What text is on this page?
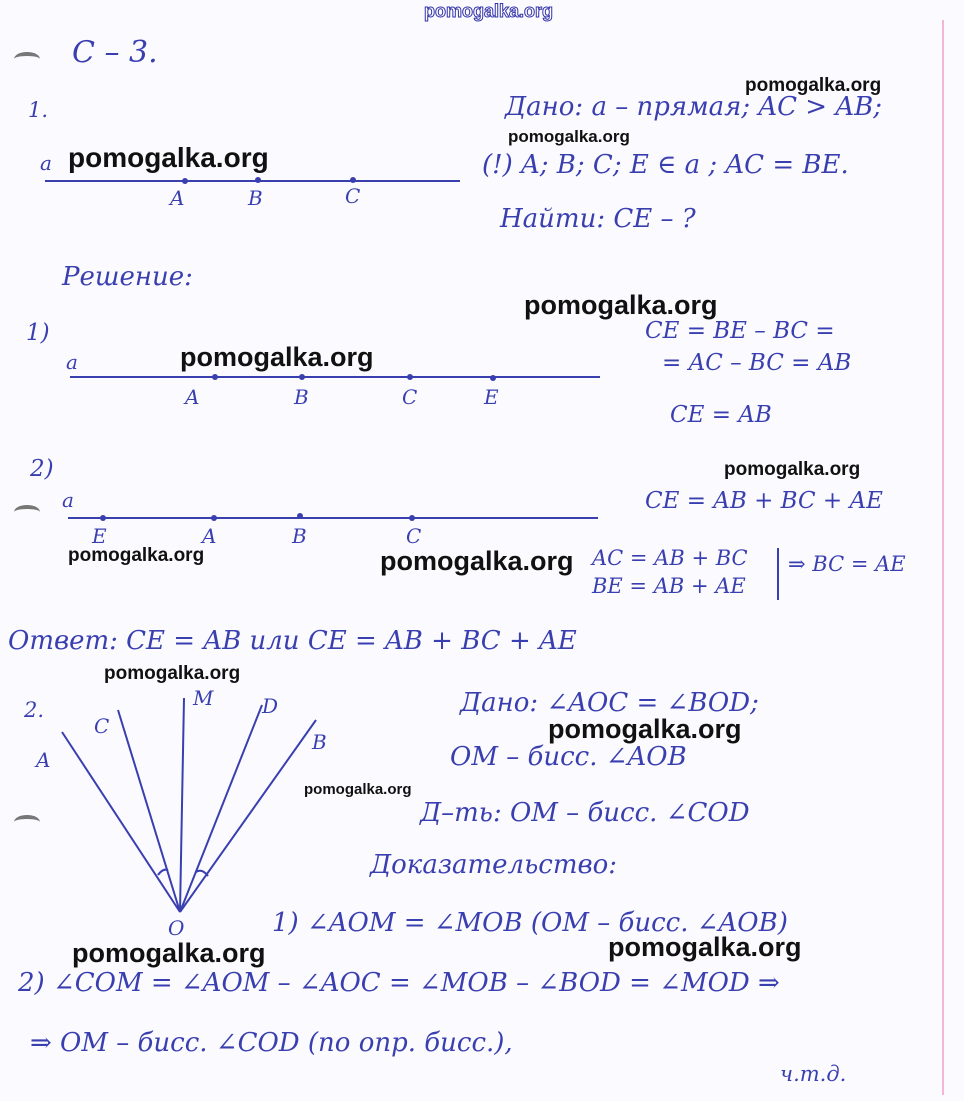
pomogalka.org
С – 3.
1.
a
A	B	C
Дано: a – прямая; AC > AB;
(!) A; B; C; E ∈ a ; AC = BE.
Найти: CE – ?
Решение:
1)
a
A	B	C	E
CE = BE – BC =
= AC – BC = AB
CE = AB
2)
a
E	A	B	C
CE = AB + BC + AE
AC = AB + BC
BE = AB + AE
⇒ BC = AE
Ответ: CE = AB или CE = AB + BC + AE
2.
A
C
M D
B
O
Дано: ∠AOC = ∠BOD;
OM – бисс. ∠AOB
Д–ть: OM – бисс. ∠COD
Доказательство:
1) ∠AOM = ∠MOB (OM – бисс. ∠AOB)
2) ∠COM = ∠AOM – ∠AOC = ∠MOB – ∠BOD = ∠MOD ⇒
⇒ OM – бисс. ∠COD (по опр. бисс.),
ч.т.д.
pomogalka.org
pomogalka.org
pomogalka.org
pomogalka.org
pomogalka.org
pomogalka.org
pomogalka.org	pomogalka.org
pomogalka.org
pomogalka.org
pomogalka.org
pomogalka.org	pomogalka.org
